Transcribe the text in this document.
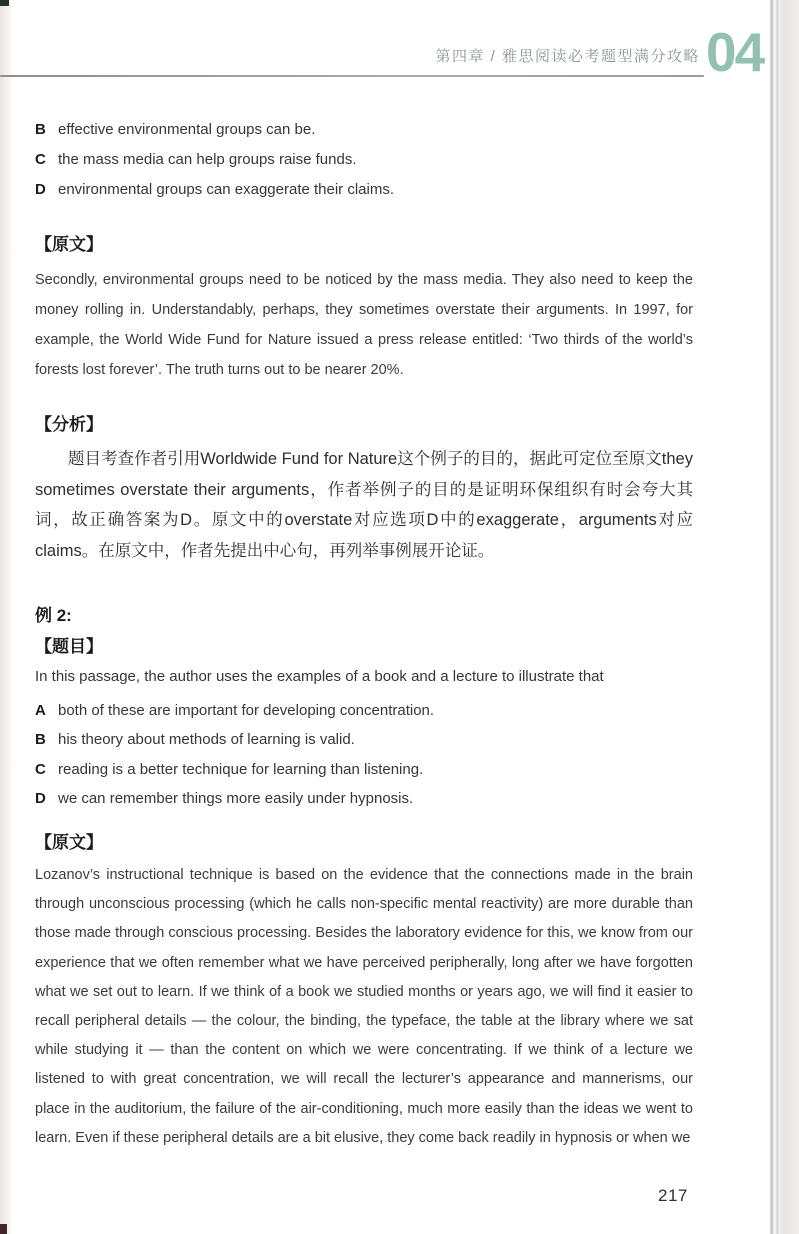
第四章 / 雅思阅读必考题型满分攻略 04
B effective environmental groups can be.
C the mass media can help groups raise funds.
D environmental groups can exaggerate their claims.
【原文】

Secondly, environmental groups need to be noticed by the mass media. They also need to keep the money rolling in. Understandably, perhaps, they sometimes overstate their arguments. In 1997, for example, the World Wide Fund for Nature issued a press release entitled: ‘Two thirds of the world’s forests lost forever’. The truth turns out to be nearer 20%.

【分析】

题目考查作者引用Worldwide Fund for Nature这个例子的目的，据此可定位至原文they sometimes overstate their arguments，作者举例子的目的是证明环保组织有时会夸大其词，故正确答案为D。原文中的overstate对应选项D中的exaggerate，arguments对应claims。在原文中，作者先提出中心句，再列举事例展开论证。

例 2:
【题目】

In this passage, the author uses the examples of a book and a lecture to illustrate that

A both of these are important for developing concentration.
B his theory about methods of learning is valid.
C reading is a better technique for learning than listening.
D we can remember things more easily under hypnosis.
【原文】

Lozanov’s instructional technique is based on the evidence that the connections made in the brain through unconscious processing (which he calls non-specific mental reactivity) are more durable than those made through conscious processing. Besides the laboratory evidence for this, we know from our experience that we often remember what we have perceived peripherally, long after we have forgotten what we set out to learn. If we think of a book we studied months or years ago, we will find it easier to recall peripheral details — the colour, the binding, the typeface, the table at the library where we sat while studying it — than the content on which we were concentrating. If we think of a lecture we listened to with great concentration, we will recall the lecturer’s appearance and mannerisms, our place in the auditorium, the failure of the air-conditioning, much more easily than the ideas we went to learn. Even if these peripheral details are a bit elusive, they come back readily in hypnosis or when we

217
